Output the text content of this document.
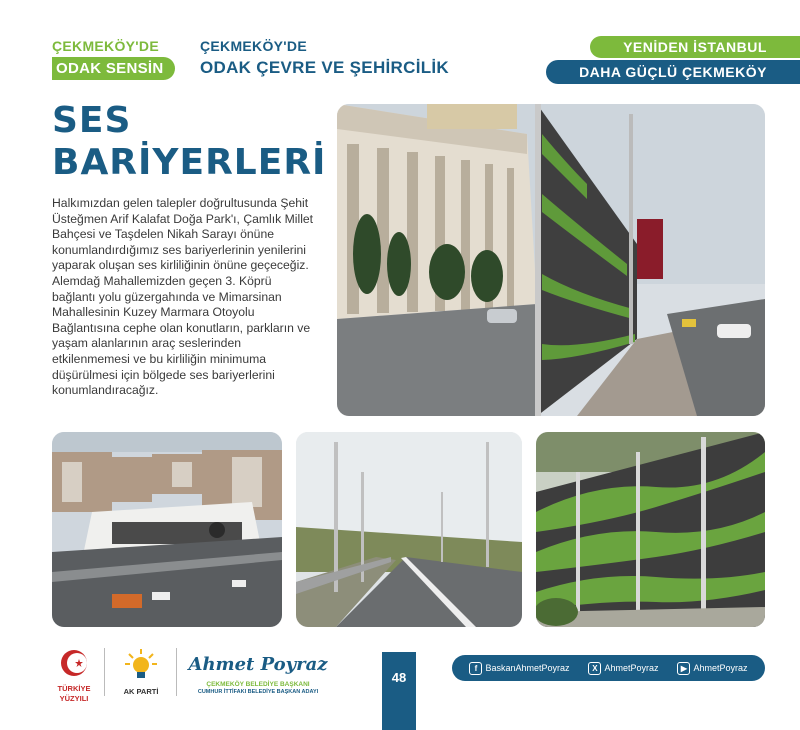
ÇEKMEKÖY'DE
ODAK SENSİN
ÇEKMEKÖY'DE
ODAK ÇEVRE VE ŞEHİRCİLİK
YENİDEN İSTANBUL
DAHA GÜÇLÜ ÇEKMEKÖY
SES
BARİYERLERİ

Halkımızdan gelen talepler doğrultusunda Şehit Üsteğmen Arif Kalafat Doğa Park'ı, Çamlık Millet Bahçesi ve Taşdelen Nikah Sarayı önüne konumlandırdığımız ses bariyerlerinin yenilerini yaparak oluşan ses kirliliğinin önüne geçeceğiz. Alemdağ Mahallemizden geçen 3. Köprü bağlantı yolu güzergahında ve Mimarsinan Mahallesinin Kuzey Marmara Otoyolu Bağlantısına cephe olan konutların, parkların ve yaşam alanlarının araç seslerinden etkilenmemesi ve bu kirliliğin minimuma düşürülmesi için bölgede ses bariyerlerini konumlandıracağız.

TÜRKİYE
YÜZYILI
AK PARTİ
Ahmet Poyraz
ÇEKMEKÖY BELEDİYE BAŞKANI
CUMHUR İTTİFAKI BELEDİYE BAŞKAN ADAYI
48
f BaskanAhmetPoyraz	X AhmetPoyraz	▶ AhmetPoyraz
